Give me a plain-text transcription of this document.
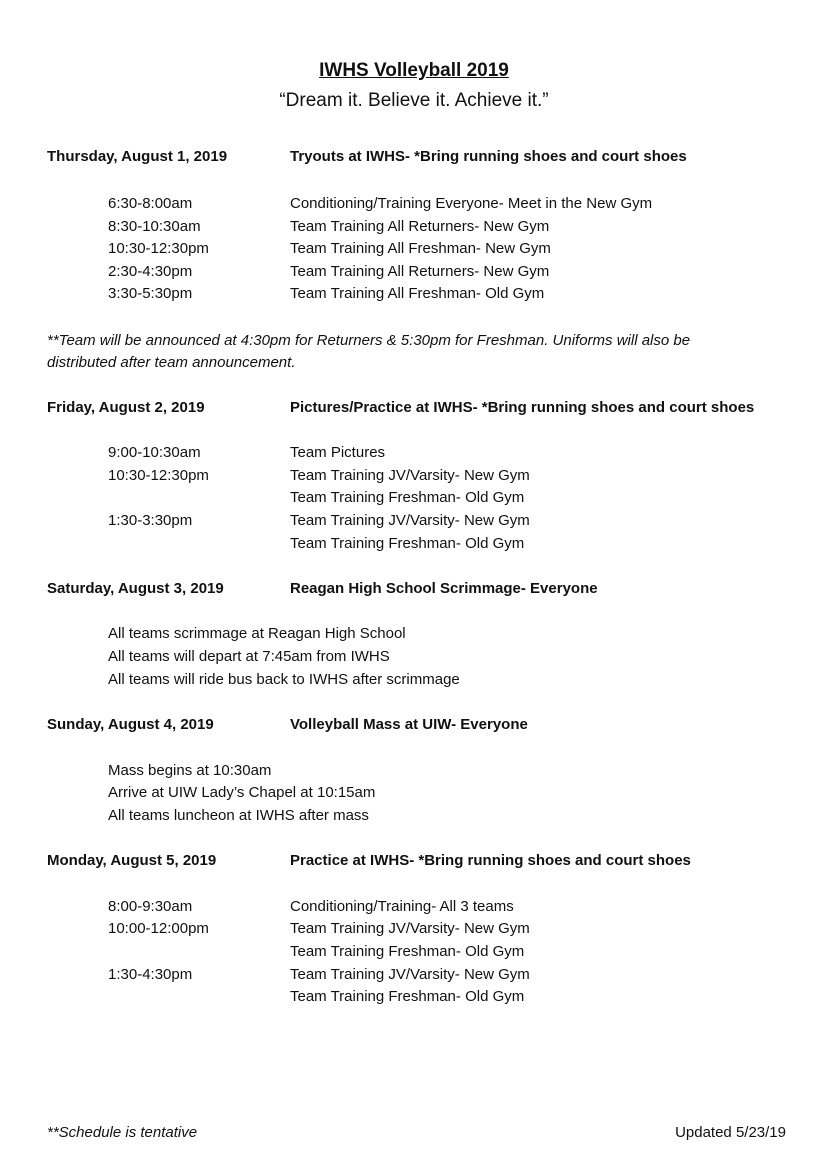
IWHS Volleyball 2019
“Dream it. Believe it. Achieve it.”
Thursday, August 1, 2019	Tryouts at IWHS- *Bring running shoes and court shoes
6:30-8:00am	Conditioning/Training Everyone- Meet in the New Gym
8:30-10:30am	Team Training All Returners- New Gym
10:30-12:30pm	Team Training All Freshman- New Gym
2:30-4:30pm	Team Training All Returners- New Gym
3:30-5:30pm	Team Training All Freshman- Old Gym
**Team will be announced at 4:30pm for Returners & 5:30pm for Freshman. Uniforms will also be
distributed after team announcement.
Friday, August 2, 2019	Pictures/Practice at IWHS- *Bring running shoes and court shoes
9:00-10:30am	Team Pictures
10:30-12:30pm	Team Training JV/Varsity- New Gym
Team Training Freshman- Old Gym
1:30-3:30pm	Team Training JV/Varsity- New Gym
Team Training Freshman- Old Gym
Saturday, August 3, 2019	Reagan High School Scrimmage- Everyone
All teams scrimmage at Reagan High School
All teams will depart at 7:45am from IWHS
All teams will ride bus back to IWHS after scrimmage
Sunday, August 4, 2019	Volleyball Mass at UIW- Everyone
Mass begins at 10:30am
Arrive at UIW Lady’s Chapel at 10:15am
All teams luncheon at IWHS after mass
Monday, August 5, 2019	Practice at IWHS- *Bring running shoes and court shoes
8:00-9:30am	Conditioning/Training- All 3 teams
10:00-12:00pm	Team Training JV/Varsity- New Gym
Team Training Freshman- Old Gym
1:30-4:30pm	Team Training JV/Varsity- New Gym
Team Training Freshman- Old Gym
**Schedule is tentative	Updated 5/23/19
